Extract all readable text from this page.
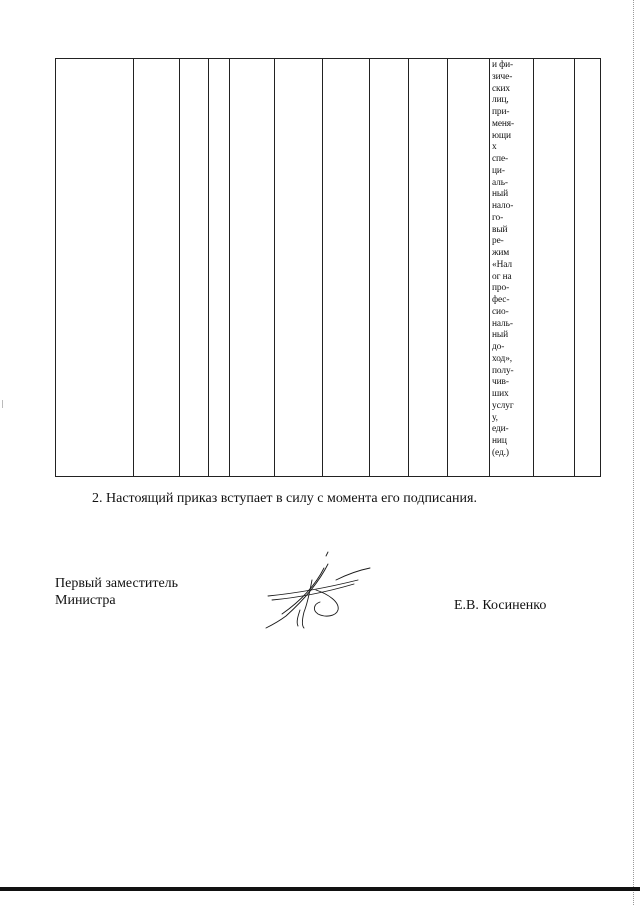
и фи-
зиче-
ских
лиц,
при-
меня-
ющи
х
спе-
ци-
аль-
ный
нало-
го-
вый
ре-
жим
«Нал
ог на
про-
фес-
сио-
наль-
ный
до-
ход»,
полу-
чив-
ших
услуг
у,
еди-
ниц
(ед.)

2. Настоящий приказ вступает в силу с момента его подписания.
Первый заместитель
Министра	Е.В. Косиненко
